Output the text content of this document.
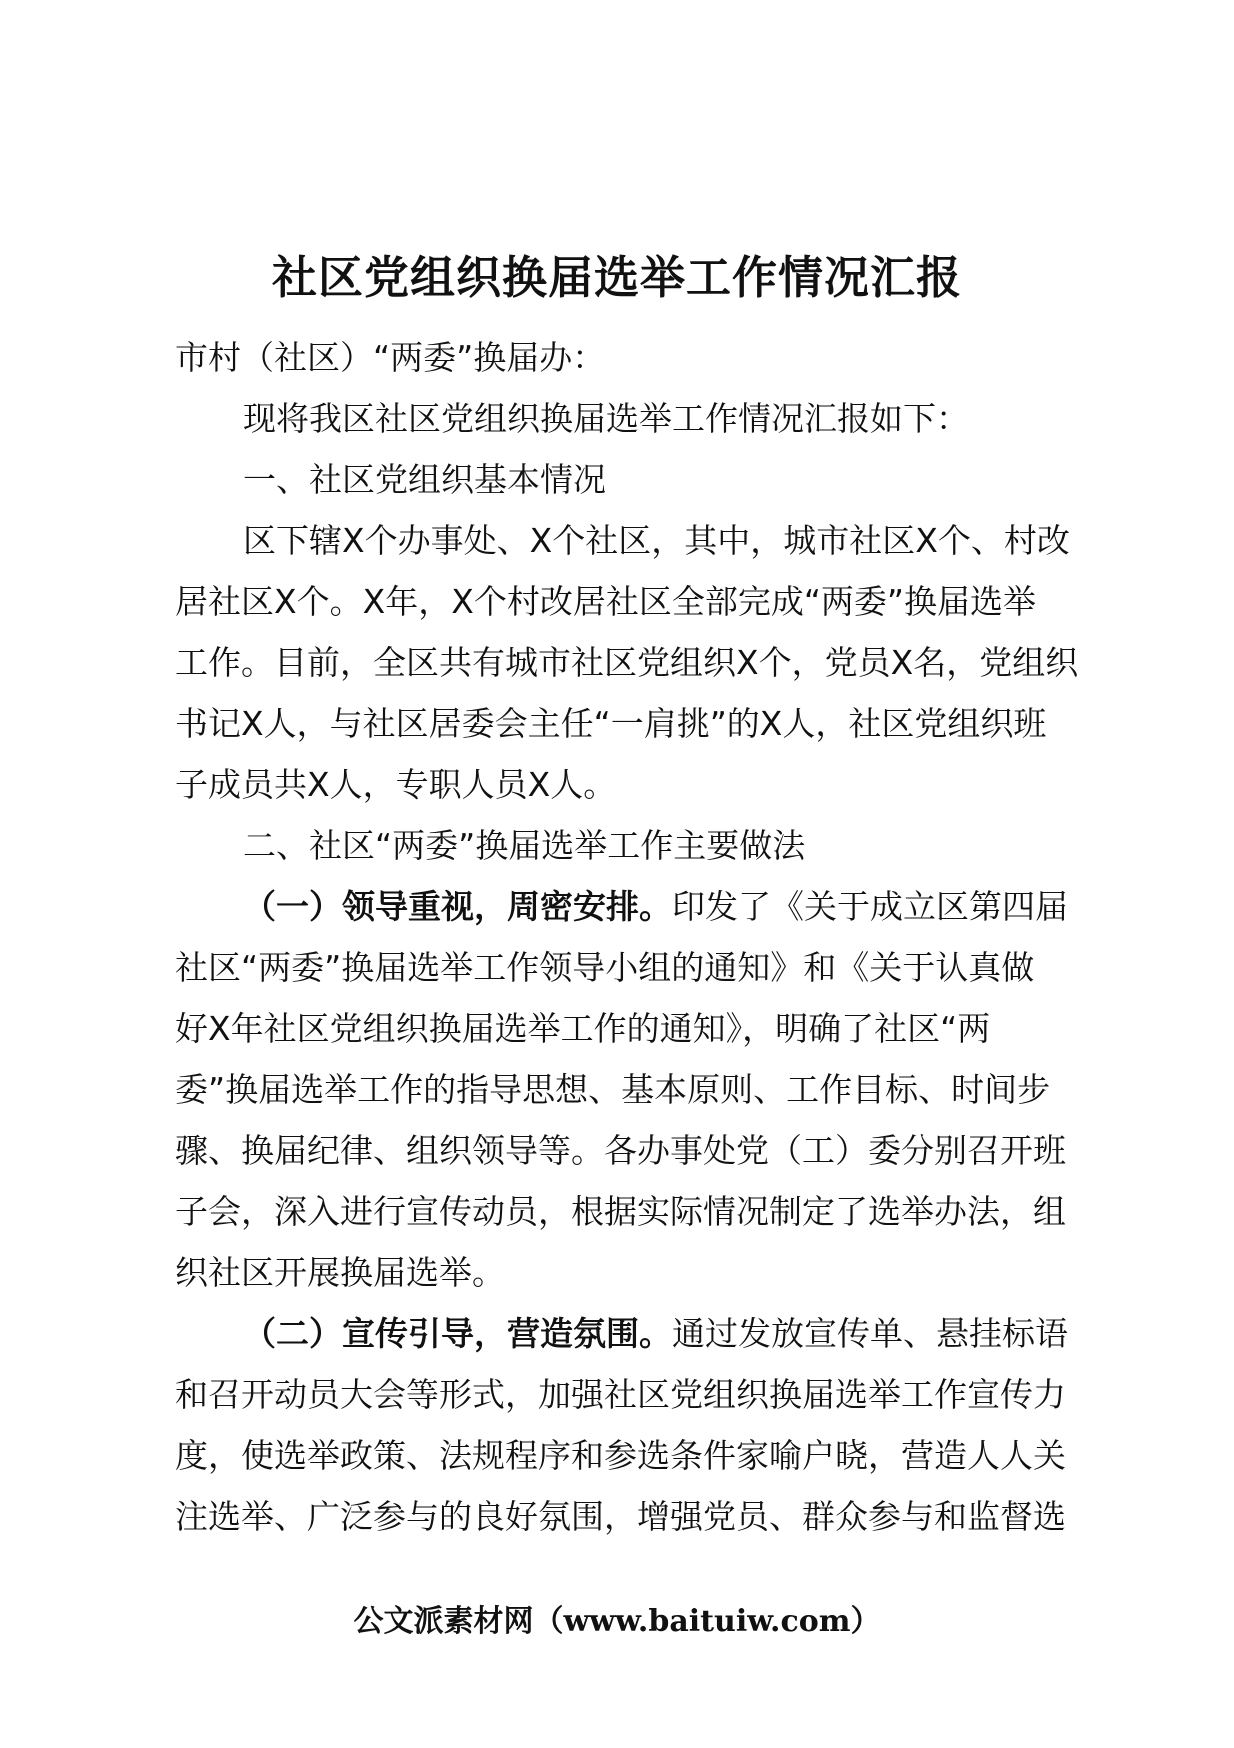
社区党组织换届选举工作情况汇报

市村（社区）“两委”换届办：

现将我区社区党组织换届选举工作情况汇报如下：

一、社区党组织基本情况

区下辖X个办事处、X个社区，其中，城市社区X个、村改

居社区X个。X年，X个村改居社区全部完成“两委”换届选举

工作。目前，全区共有城市社区党组织X个，党员X名，党组织

书记X人，与社区居委会主任“一肩挑”的X人，社区党组织班

子成员共X人，专职人员X人。

二、社区“两委”换届选举工作主要做法

（一）领导重视，周密安排。印发了《关于成立区第四届

社区“两委”换届选举工作领导小组的通知》和《关于认真做

好X年社区党组织换届选举工作的通知》，明确了社区“两

委”换届选举工作的指导思想、基本原则、工作目标、时间步

骤、换届纪律、组织领导等。各办事处党（工）委分别召开班

子会，深入进行宣传动员，根据实际情况制定了选举办法，组

织社区开展换届选举。

（二）宣传引导，营造氛围。通过发放宣传单、悬挂标语

和召开动员大会等形式，加强社区党组织换届选举工作宣传力

度，使选举政策、法规程序和参选条件家喻户晓，营造人人关

注选举、广泛参与的良好氛围，增强党员、群众参与和监督选

公文派素材网（www.baituiw.com）
